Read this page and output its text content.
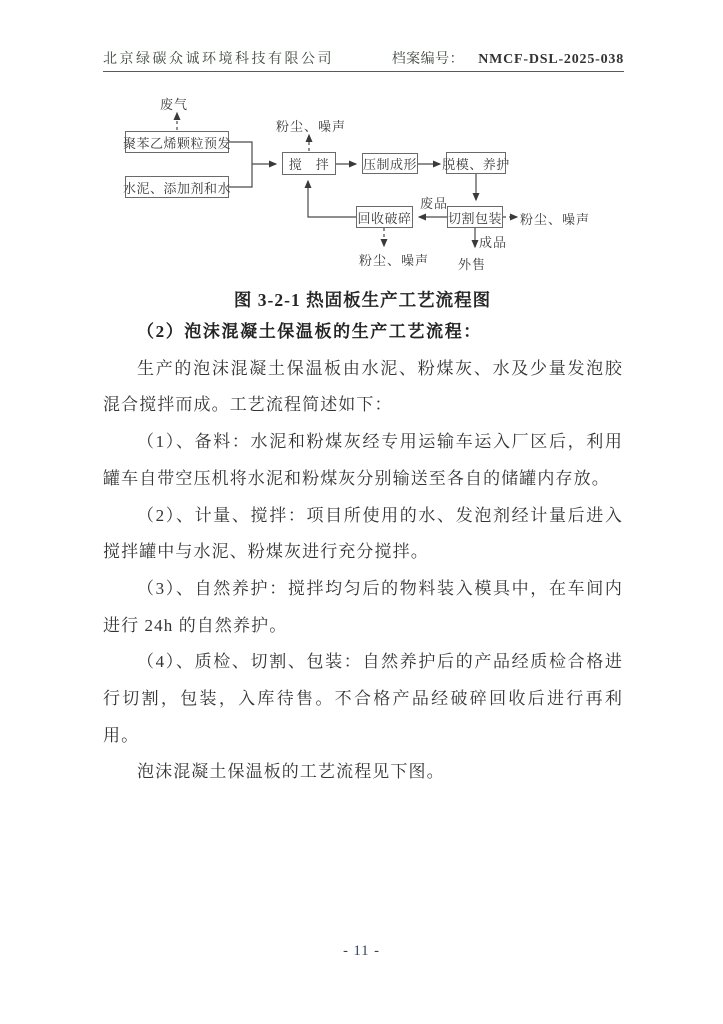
北京绿碳众诚环境科技有限公司	档案编号： NMCF-DSL-2025-038
聚苯乙烯颗粒预发
水泥、添加剂和水
搅　拌	压制成形 脱模、养护
回收破碎	切割包装
废气
粉尘、噪声
废品
粉尘、噪声
成品
外售
粉尘、噪声
图 3-2-1 热固板生产工艺流程图

（2）泡沫混凝土保温板的生产工艺流程：

生产的泡沫混凝土保温板由水泥、粉煤灰、水及少量发泡胶混合搅拌而成。工艺流程简述如下：

（1）、备料：水泥和粉煤灰经专用运输车运入厂区后，利用罐车自带空压机将水泥和粉煤灰分别输送至各自的储罐内存放。

（2）、计量、搅拌：项目所使用的水、发泡剂经计量后进入搅拌罐中与水泥、粉煤灰进行充分搅拌。

（3）、自然养护：搅拌均匀后的物料装入模具中，在车间内进行 24h 的自然养护。

（4）、质检、切割、包装：自然养护后的产品经质检合格进行切割，包装，入库待售。不合格产品经破碎回收后进行再利用。

泡沫混凝土保温板的工艺流程见下图。

- 11 -
